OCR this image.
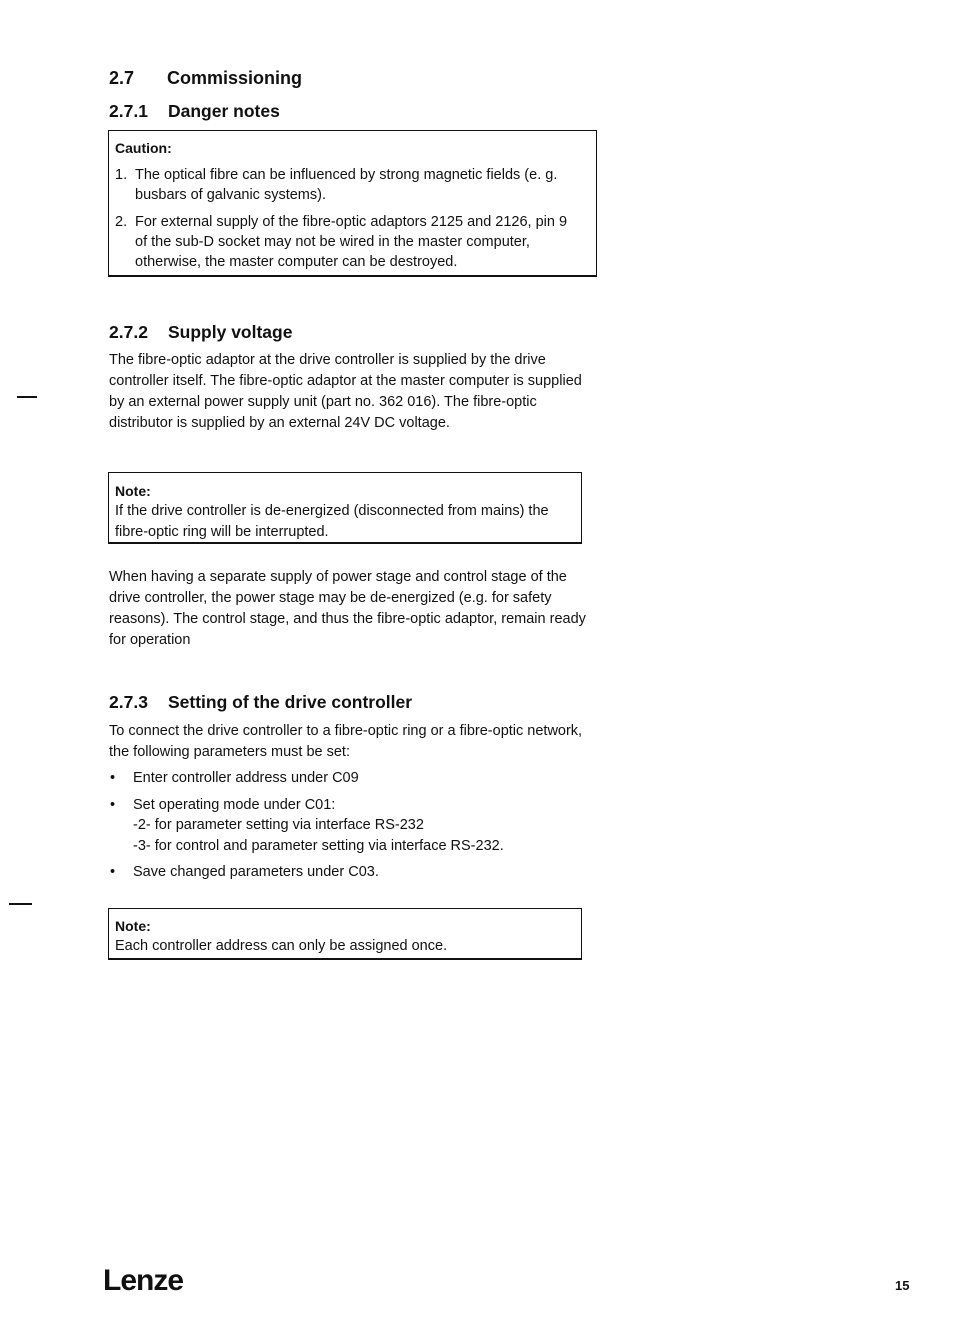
2.7 Commissioning
2.7.1 Danger notes

Caution:

1. The optical fibre can be influenced by strong magnetic fields (e. g. busbars of galvanic systems).
2. For external supply of the fibre-optic adaptors 2125 and 2126, pin 9 of the sub-D socket may not be wired in the master computer, otherwise, the master computer can be destroyed.
2.7.2 Supply voltage

The fibre-optic adaptor at the drive controller is supplied by the drive controller itself. The fibre-optic adaptor at the master computer is supplied by an external power supply unit (part no. 362 016). The fibre-optic distributor is supplied by an external 24V DC voltage.

Note:

If the drive controller is de-energized (disconnected from mains) the fibre-optic ring will be interrupted.

When having a separate supply of power stage and control stage of the drive controller, the power stage may be de-energized (e.g. for safety reasons). The control stage, and thus the fibre-optic adaptor, remain ready for operation

2.7.3 Setting of the drive controller

To connect the drive controller to a fibre-optic ring or a fibre-optic network, the following parameters must be set:

• Enter controller address under C09
• Set operating mode under C01:
-2- for parameter setting via interface RS-232
-3- for control and parameter setting via interface RS-232.
• Save changed parameters under C03.

Note:

Each controller address can only be assigned once.

Lenze	15
